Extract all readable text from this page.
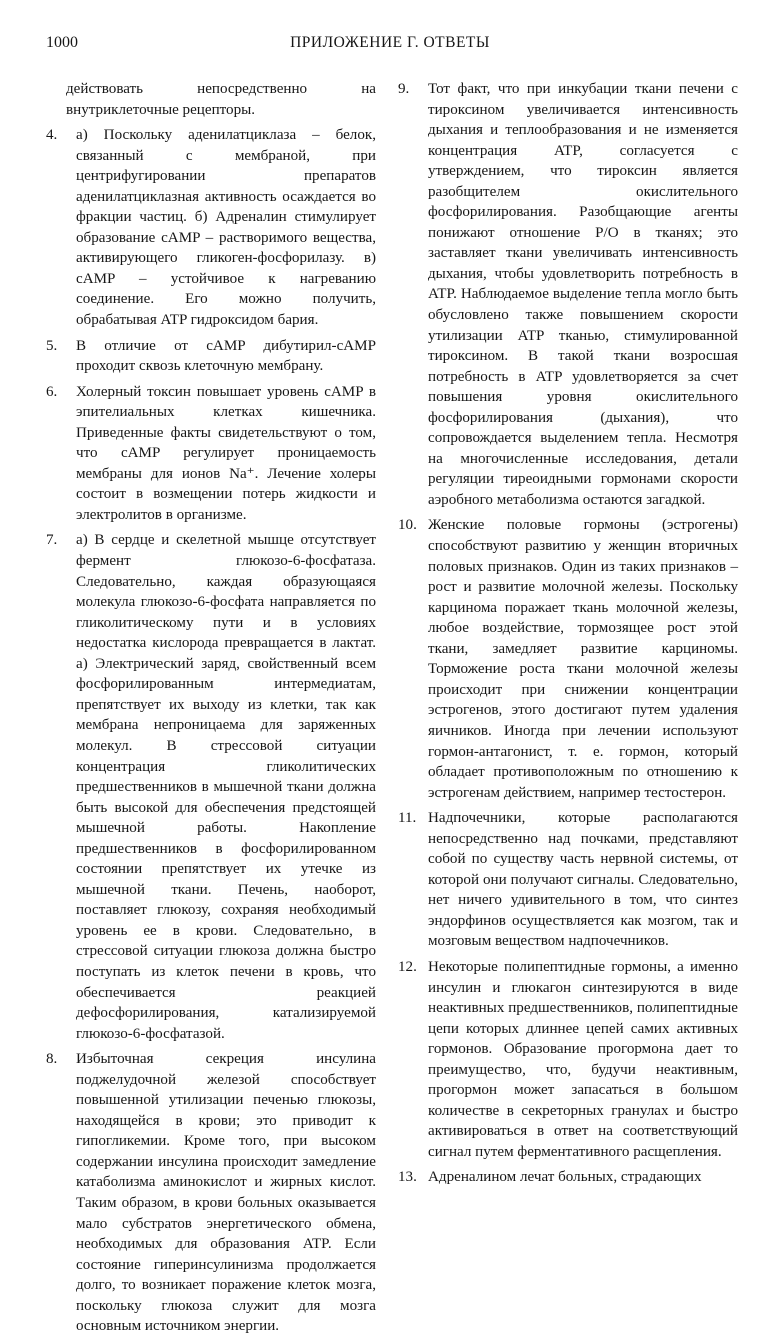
1000	ПРИЛОЖЕНИЕ Г. ОТВЕТЫ

действовать непосредственно на внутриклеточные рецепторы.

4. а) Поскольку аденилатциклаза – белок, связанный с мембраной, при центрифугировании препаратов аденилатциклазная активность осаждается во фракции частиц. б) Адреналин стимулирует образование cAMP – растворимого вещества, активирующего гликоген-фосфорилазу. в) cAMP – устойчивое к нагреванию соединение. Его можно получить, обрабатывая ATP гидроксидом бария.
5. В отличие от cAMP дибутирил-cAMP проходит сквозь клеточную мембрану.
6. Холерный токсин повышает уровень cAMP в эпителиальных клетках кишечника. Приведенные факты свидетельствуют о том, что cAMP регулирует проницаемость мембраны для ионов Na⁺. Лечение холеры состоит в возмещении потерь жидкости и электролитов в организме.
7. а) В сердце и скелетной мышце отсутствует фермент глюкозо-6-фосфатаза. Следовательно, каждая образующаяся молекула глюкозо-6-фосфата направляется по гликолитическому пути и в условиях недостатка кислорода превращается в лактат. а) Электрический заряд, свойственный всем фосфорилированным интермедиатам, препятствует их выходу из клетки, так как мембрана непроницаема для заряженных молекул. В стрессовой ситуации концентрация гликолитических предшественников в мышечной ткани должна быть высокой для обеспечения предстоящей мышечной работы. Накопление предшественников в фосфорилированном состоянии препятствует их утечке из мышечной ткани. Печень, наоборот, поставляет глюкозу, сохраняя необходимый уровень ее в крови. Следовательно, в стрессовой ситуации глюкоза должна быстро поступать из клеток печени в кровь, что обеспечивается реакцией дефосфорилирования, катализируемой глюкозо-6-фосфатазой.
8. Избыточная секреция инсулина поджелудочной железой способствует повышенной утилизации печенью глюкозы, находящейся в крови; это приводит к гипогликемии. Кроме того, при высоком содержании инсулина происходит замедление катаболизма аминокислот и жирных кислот. Таким образом, в крови больных оказывается мало субстратов энергетического обмена, необходимых для образования ATP. Если состояние гиперинсулинизма продолжается долго, то возникает поражение клеток мозга, поскольку глюкоза служит для мозга основным источником энергии.
9. Тот факт, что при инкубации ткани печени с тироксином увеличивается интенсивность дыхания и теплообразования и не изменяется концентрация ATP, согласуется с утверждением, что тироксин является разобщителем окислительного фосфорилирования. Разобщающие агенты понижают отношение P/O в тканях; это заставляет ткани увеличивать интенсивность дыхания, чтобы удовлетворить потребность в ATP. Наблюдаемое выделение тепла могло быть обусловлено также повышением скорости утилизации ATP тканью, стимулированной тироксином. В такой ткани возросшая потребность в ATP удовлетворяется за счет повышения уровня окислительного фосфорилирования (дыхания), что сопровождается выделением тепла. Несмотря на многочисленные исследования, детали регуляции тиреоидными гормонами скорости аэробного метаболизма остаются загадкой.
10. Женские половые гормоны (эстрогены) способствуют развитию у женщин вторичных половых признаков. Один из таких признаков – рост и развитие молочной железы. Поскольку карцинома поражает ткань молочной железы, любое воздействие, тормозящее рост этой ткани, замедляет развитие карциномы. Торможение роста ткани молочной железы происходит при снижении концентрации эстрогенов, этого достигают путем удаления яичников. Иногда при лечении используют гормон-антагонист, т. е. гормон, который обладает противоположным по отношению к эстрогенам действием, например тестостерон.
11. Надпочечники, которые располагаются непосредственно над почками, представляют собой по существу часть нервной системы, от которой они получают сигналы. Следовательно, нет ничего удивительного в том, что синтез эндорфинов осуществляется как мозгом, так и мозговым веществом надпочечников.
12. Некоторые полипептидные гормоны, а именно инсулин и глюкагон синтезируются в виде неактивных предшественников, полипептидные цепи которых длиннее цепей самих активных гормонов. Образование прогормона дает то преимущество, что, будучи неактивным, прогормон может запасаться в большом количестве в секреторных гранулах и быстро активироваться в ответ на соответствующий сигнал путем ферментативного расщепления.
13. Адреналином лечат больных, страдающих
